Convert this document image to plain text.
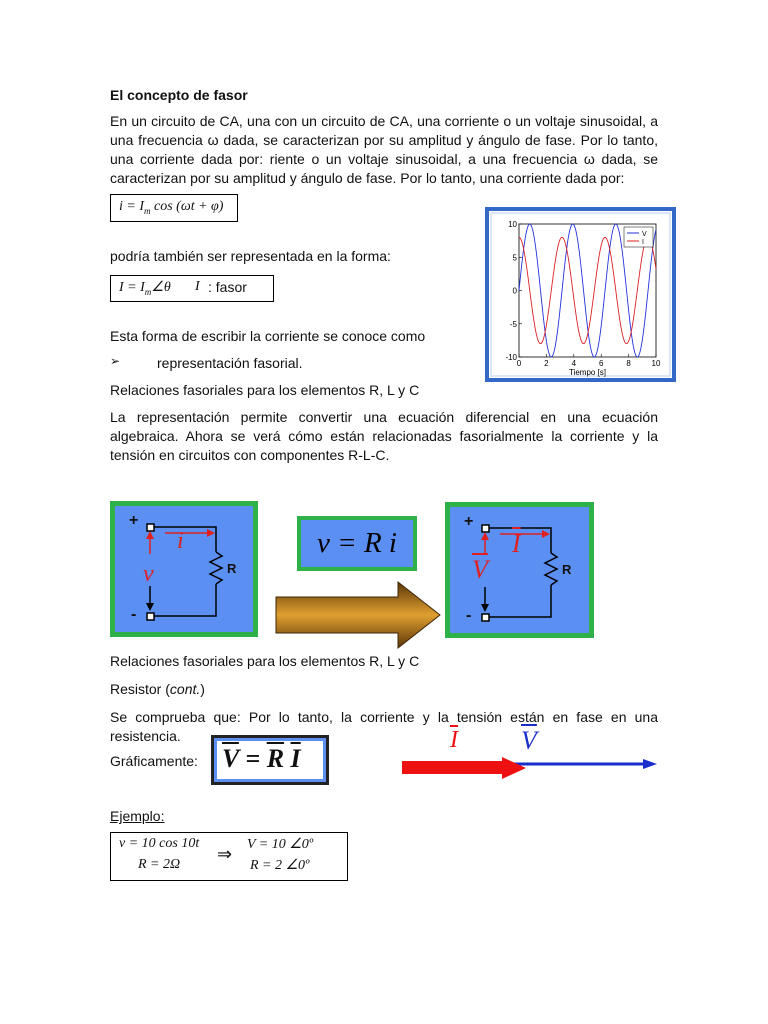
El concepto de fasor
En un circuito de CA, una con un circuito de CA, una corriente o un voltaje sinusoidal, a una frecuencia ω dada, se caracterizan por su amplitud y ángulo de fase. Por lo tanto, una corriente dada por: riente o un voltaje sinusoidal, a una frecuencia ω dada, se caracterizan por su amplitud y ángulo de fase. Por lo tanto, una corriente dada por:
$i = I_m$ cos (ωt + φ)
0	2	4	6	8	10
10
5
0
-5
-10
Tiempo [s]
V
I
podría también ser representada en la forma:
$I = I_m\angle\theta$ I : fasor
Esta forma de escribir la corriente se conoce como
➢	representación fasorial.
Relaciones fasoriales para los elementos R, L y C
La representación permite convertir una ecuación diferencial en una ecuación algebraica. Ahora se verá cómo están relacionadas fasorialmente la corriente y la tensión en circuitos con componentes R-L-C.
+
-
i
v	R
v = R i
+
-
$\overline{I}$
$\overline{V}$	R
Relaciones fasoriales para los elementos R, L y C
Resistor (cont.)
Se comprueba que: Por lo tanto, la corriente y la tensión están en fase en una resistencia.
Gráficamente: $\overline{V} = \overline{R}$ $\overline{I}$
$\overline{I}$ $\overline{V}$
Ejemplo:
v = 10 cos 10t
R = 2Ω
⇒ V = 10 ∠0º
R = 2 ∠0º
